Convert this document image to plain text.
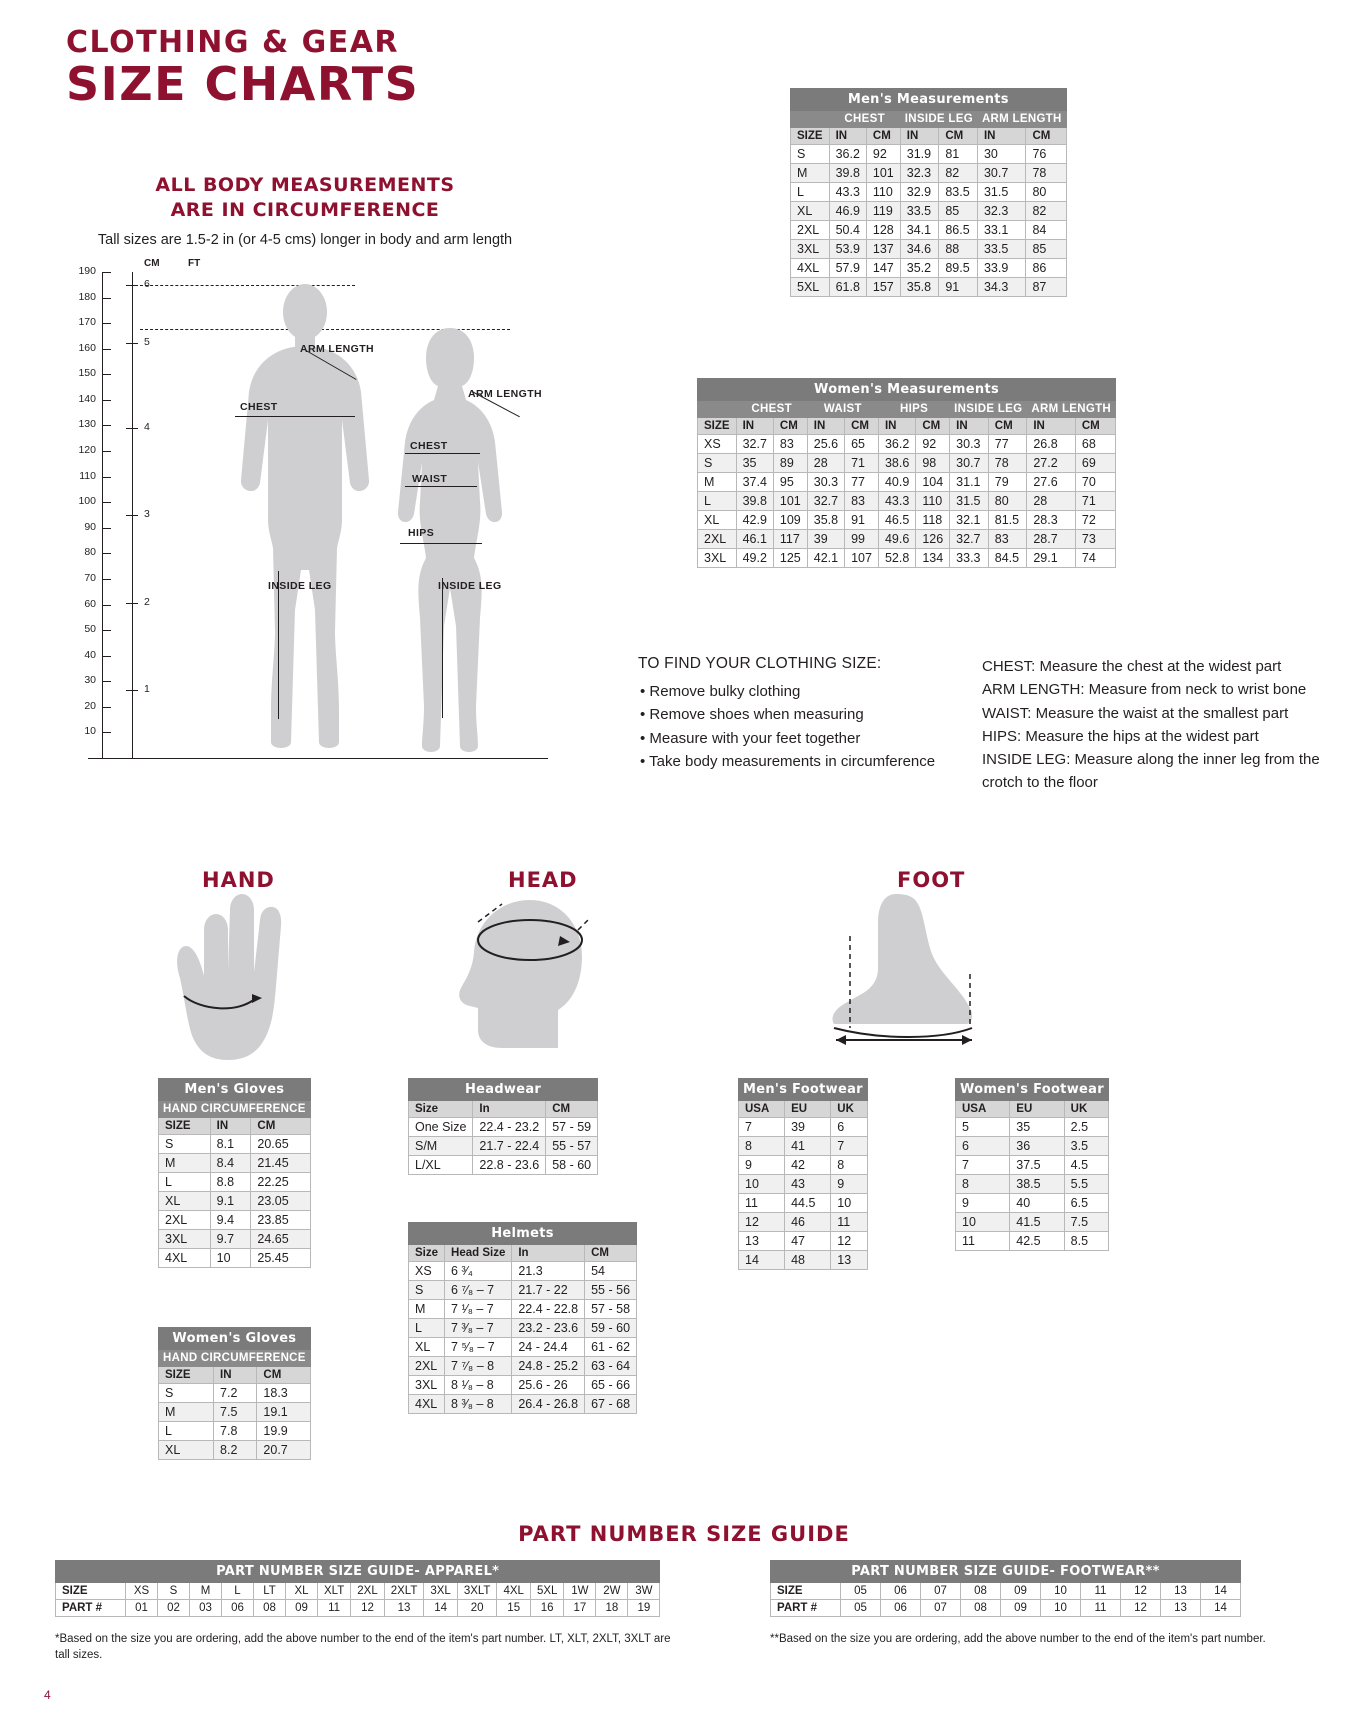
CLOTHING & GEAR
SIZE CHARTS
ALL BODY MEASUREMENTS
ARE IN CIRCUMFERENCE
Tall sizes are 1.5-2 in (or 4-5 cms) longer in body and arm length
CM	FT
190
180
170
160
150
140
130
120
110
100
90
80
70
60
50
40
30
20
10
6
5
4
3
2
1
CHEST
ARM LENGTH
INSIDE LEG
CHEST
WAIST
HIPS
ARM LENGTH
INSIDE LEG
Men's Measurements						
	CHEST		INSIDE LEG		ARM LENGTH	
SIZE	IN	CM	IN	CM	IN	CM
S	36.2	92	31.9	81	30	76
M	39.8	101	32.3	82	30.7	78
L	43.3	110	32.9	83.5	31.5	80
XL	46.9	119	33.5	85	32.3	82
2XL	50.4	128	34.1	86.5	33.1	84
3XL	53.9	137	34.6	88	33.5	85
4XL	57.9	147	35.2	89.5	33.9	86
5XL	61.8	157	35.8	91	34.3	87
Women's Measurements										
	CHEST		WAIST		HIPS		INSIDE LEG		ARM LENGTH	
SIZE	IN	CM	IN	CM	IN	CM	IN	CM	IN	CM
XS	32.7	83	25.6	65	36.2	92	30.3	77	26.8	68
S	35	89	28	71	38.6	98	30.7	78	27.2	69
M	37.4	95	30.3	77	40.9	104	31.1	79	27.6	70
L	39.8	101	32.7	83	43.3	110	31.5	80	28	71
XL	42.9	109	35.8	91	46.5	118	32.1	81.5	28.3	72
2XL	46.1	117	39	99	49.6	126	32.7	83	28.7	73
3XL	49.2	125	42.1	107	52.8	134	33.3	84.5	29.1	74
TO FIND YOUR CLOTHING SIZE:
• Remove bulky clothing
• Remove shoes when measuring
• Measure with your feet together
• Take body measurements in circumference
CHEST: Measure the chest at the widest part
ARM LENGTH: Measure from neck to wrist bone
WAIST: Measure the waist at the smallest part
HIPS: Measure the hips at the widest part
INSIDE LEG: Measure along the inner leg from the crotch to the floor
HAND	HEAD	FOOT
Men's Gloves		
HAND CIRCUMFERENCE		
SIZE	IN	CM
S	8.1	20.65
M	8.4	21.45
L	8.8	22.25
XL	9.1	23.05
2XL	9.4	23.85
3XL	9.7	24.65
4XL	10	25.45
Women's Gloves		
HAND CIRCUMFERENCE		
SIZE	IN	CM
S	7.2	18.3
M	7.5	19.1
L	7.8	19.9
XL	8.2	20.7
Headwear		
Size	In	CM
One Size	22.4 - 23.2	57 - 59
S/M	21.7 - 22.4	55 - 57
L/XL	22.8 - 23.6	58 - 60
Helmets			
Size	Head Size	In	CM
XS	6 ³⁄₄	21.3	54
S	6 ⁷⁄₈ – 7	21.7 - 22	55 - 56
M	7 ¹⁄₈ – 7	22.4 - 22.8	57 - 58
L	7 ³⁄₈ – 7	23.2 - 23.6	59 - 60
XL	7 ⁵⁄₈ – 7	24 - 24.4	61 - 62
2XL	7 ⁷⁄₈ – 8	24.8 - 25.2	63 - 64
3XL	8 ¹⁄₈ – 8	25.6 - 26	65 - 66
4XL	8 ³⁄₈ – 8	26.4 - 26.8	67 - 68
Men's Footwear		
USA	EU	UK
7	39	6
8	41	7
9	42	8
10	43	9
11	44.5	10
12	46	11
13	47	12
14	48	13
Women's Footwear		
USA	EU	UK
5	35	2.5
6	36	3.5
7	37.5	4.5
8	38.5	5.5
9	40	6.5
10	41.5	7.5
11	42.5	8.5
PART NUMBER SIZE GUIDE
PART NUMBER SIZE GUIDE- APPAREL*																
SIZE	XS	S	M	L	LT	XL	XLT	2XL	2XLT	3XL	3XLT	4XL	5XL	1W	2W	3W
PART #	01	02	03	06	08	09	11	12	13	14	20	15	16	17	18	19
*Based on the size you are ordering, add the above number to the end of the item's part number. LT, XLT, 2XLT, 3XLT are tall sizes.
PART NUMBER SIZE GUIDE- FOOTWEAR**										
SIZE	05	06	07	08	09	10	11	12	13	14
PART #	05	06	07	08	09	10	11	12	13	14
**Based on the size you are ordering, add the above number to the end of the item's part number.
4
